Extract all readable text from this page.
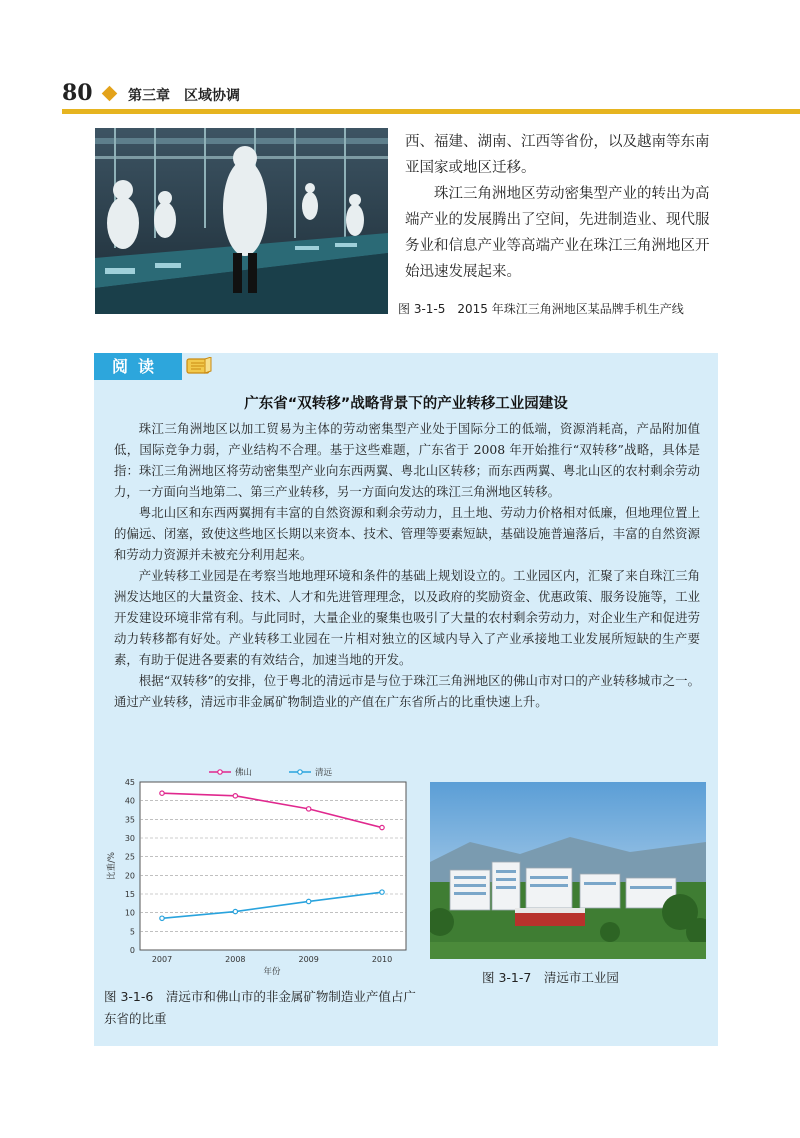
80	第三章　区域协调
图 3-1-5　2015 年珠江三角洲地区某品牌手机生产线

西、福建、湖南、江西等省份，以及越南等东南亚国家或地区迁移。

珠江三角洲地区劳动密集型产业的转出为高端产业的发展腾出了空间，先进制造业、现代服务业和信息产业等高端产业在珠江三角洲地区开始迅速发展起来。

阅读
广东省“双转移”战略背景下的产业转移工业园建设

珠江三角洲地区以加工贸易为主体的劳动密集型产业处于国际分工的低端，资源消耗高，产品附加值低，国际竞争力弱，产业结构不合理。基于这些难题，广东省于 2008 年开始推行“双转移”战略，具体是指：珠江三角洲地区将劳动密集型产业向东西两翼、粤北山区转移；而东西两翼、粤北山区的农村剩余劳动力，一方面向当地第二、第三产业转移，另一方面向发达的珠江三角洲地区转移。

粤北山区和东西两翼拥有丰富的自然资源和剩余劳动力，且土地、劳动力价格相对低廉，但地理位置上的偏远、闭塞，致使这些地区长期以来资本、技术、管理等要素短缺，基础设施普遍落后，丰富的自然资源和劳动力资源并未被充分利用起来。

产业转移工业园是在考察当地地理环境和条件的基础上规划设立的。工业园区内，汇聚了来自珠江三角洲发达地区的大量资金、技术、人才和先进管理理念，以及政府的奖励资金、优惠政策、服务设施等，工业开发建设环境非常有利。与此同时，大量企业的聚集也吸引了大量的农村剩余劳动力，对企业生产和促进劳动力转移都有好处。产业转移工业园在一片相对独立的区域内导入了产业承接地工业发展所短缺的生产要素，有助于促进各要素的有效结合，加速当地的开发。

根据“双转移”的安排，位于粤北的清远市是与位于珠江三角洲地区的佛山市对口的产业转移城市之一。通过产业转移，清远市非金属矿物制造业的产值在广东省所占的比重快速上升。

0
5
10
15
20
25
30
35
40
45
2007	2008	2009	2010
比重/%
年份
佛山	清远
图 3-1-6　清远市和佛山市的非金属矿物制造业产值占广东省的比重
图 3-1-7　清远市工业园
